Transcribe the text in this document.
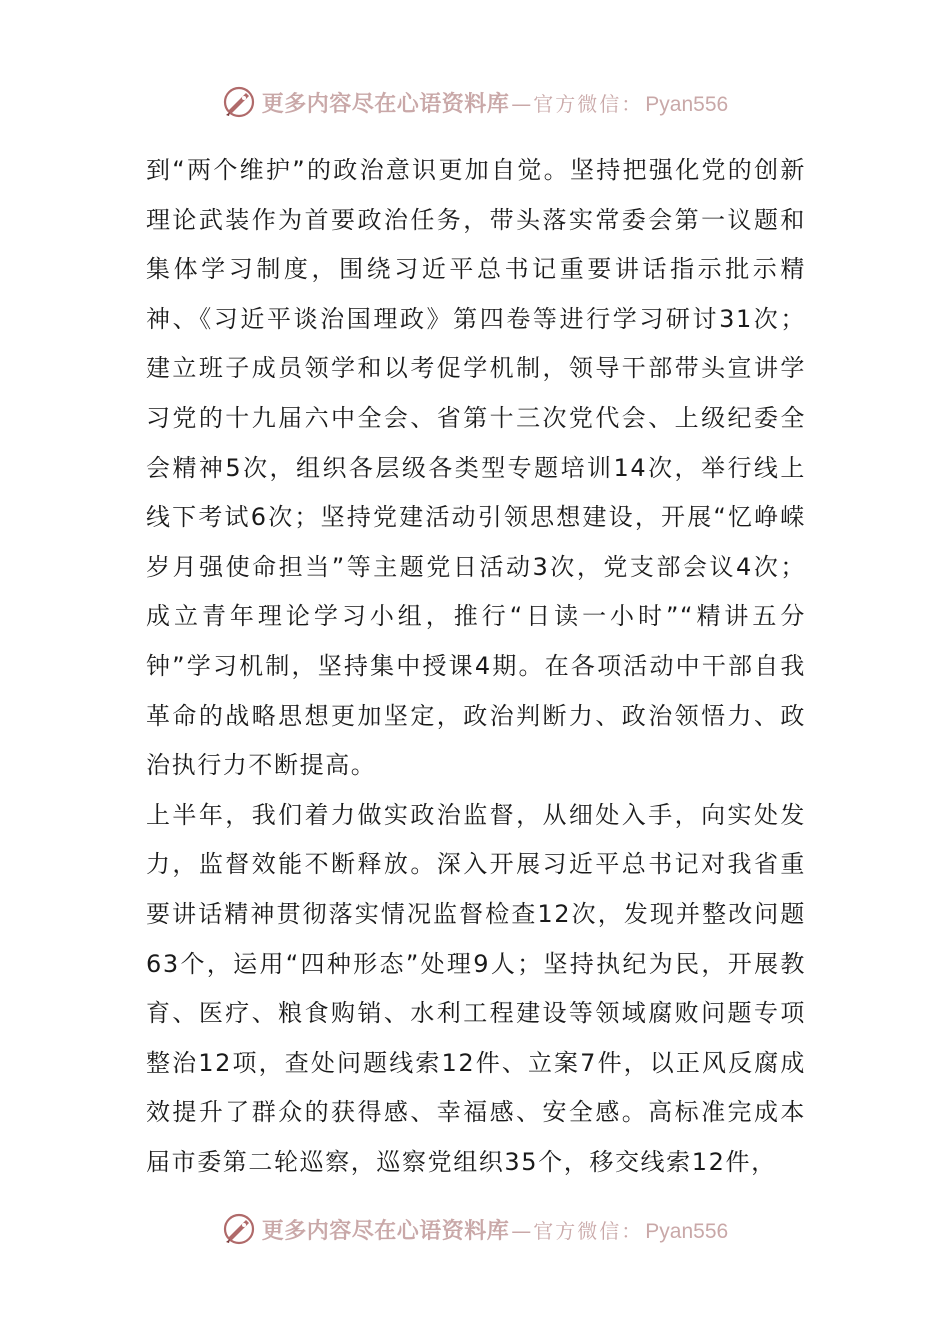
更多内容尽在心语资料库 — 官方微信 ： Pyan556

到“两个维护”的政治意识更加自觉。坚持把强化党的创新理论武装作为首要政治任务，带头落实常委会第一议题和集体学习制度，围绕习近平总书记重要讲话指示批示精神、《习近平谈治国理政》第四卷等进行学习研讨31次；建立班子成员领学和以考促学机制，领导干部带头宣讲学习党的十九届六中全会、省第十三次党代会、上级纪委全会精神5次，组织各层级各类型专题培训14次，举行线上线下考试6次；坚持党建活动引领思想建设，开展“忆峥嵘岁月强使命担当”等主题党日活动3次，党支部会议4次；成立青年理论学习小组，推行“日读一小时”“精讲五分钟”学习机制，坚持集中授课4期。在各项活动中干部自我革命的战略思想更加坚定，政治判断力、政治领悟力、政治执行力不断提高。

上半年，我们着力做实政治监督，从细处入手，向实处发力，监督效能不断释放。深入开展习近平总书记对我省重要讲话精神贯彻落实情况监督检查12次，发现并整改问题63个，运用“四种形态”处理9人；坚持执纪为民，开展教育、医疗、粮食购销、水利工程建设等领域腐败问题专项整治12项，查处问题线索12件、立案7件，以正风反腐成效提升了群众的获得感、幸福感、安全感。高标准完成本届市委第二轮巡察，巡察党组织35个，移交线索12件，

更多内容尽在心语资料库 — 官方微信 ： Pyan556
